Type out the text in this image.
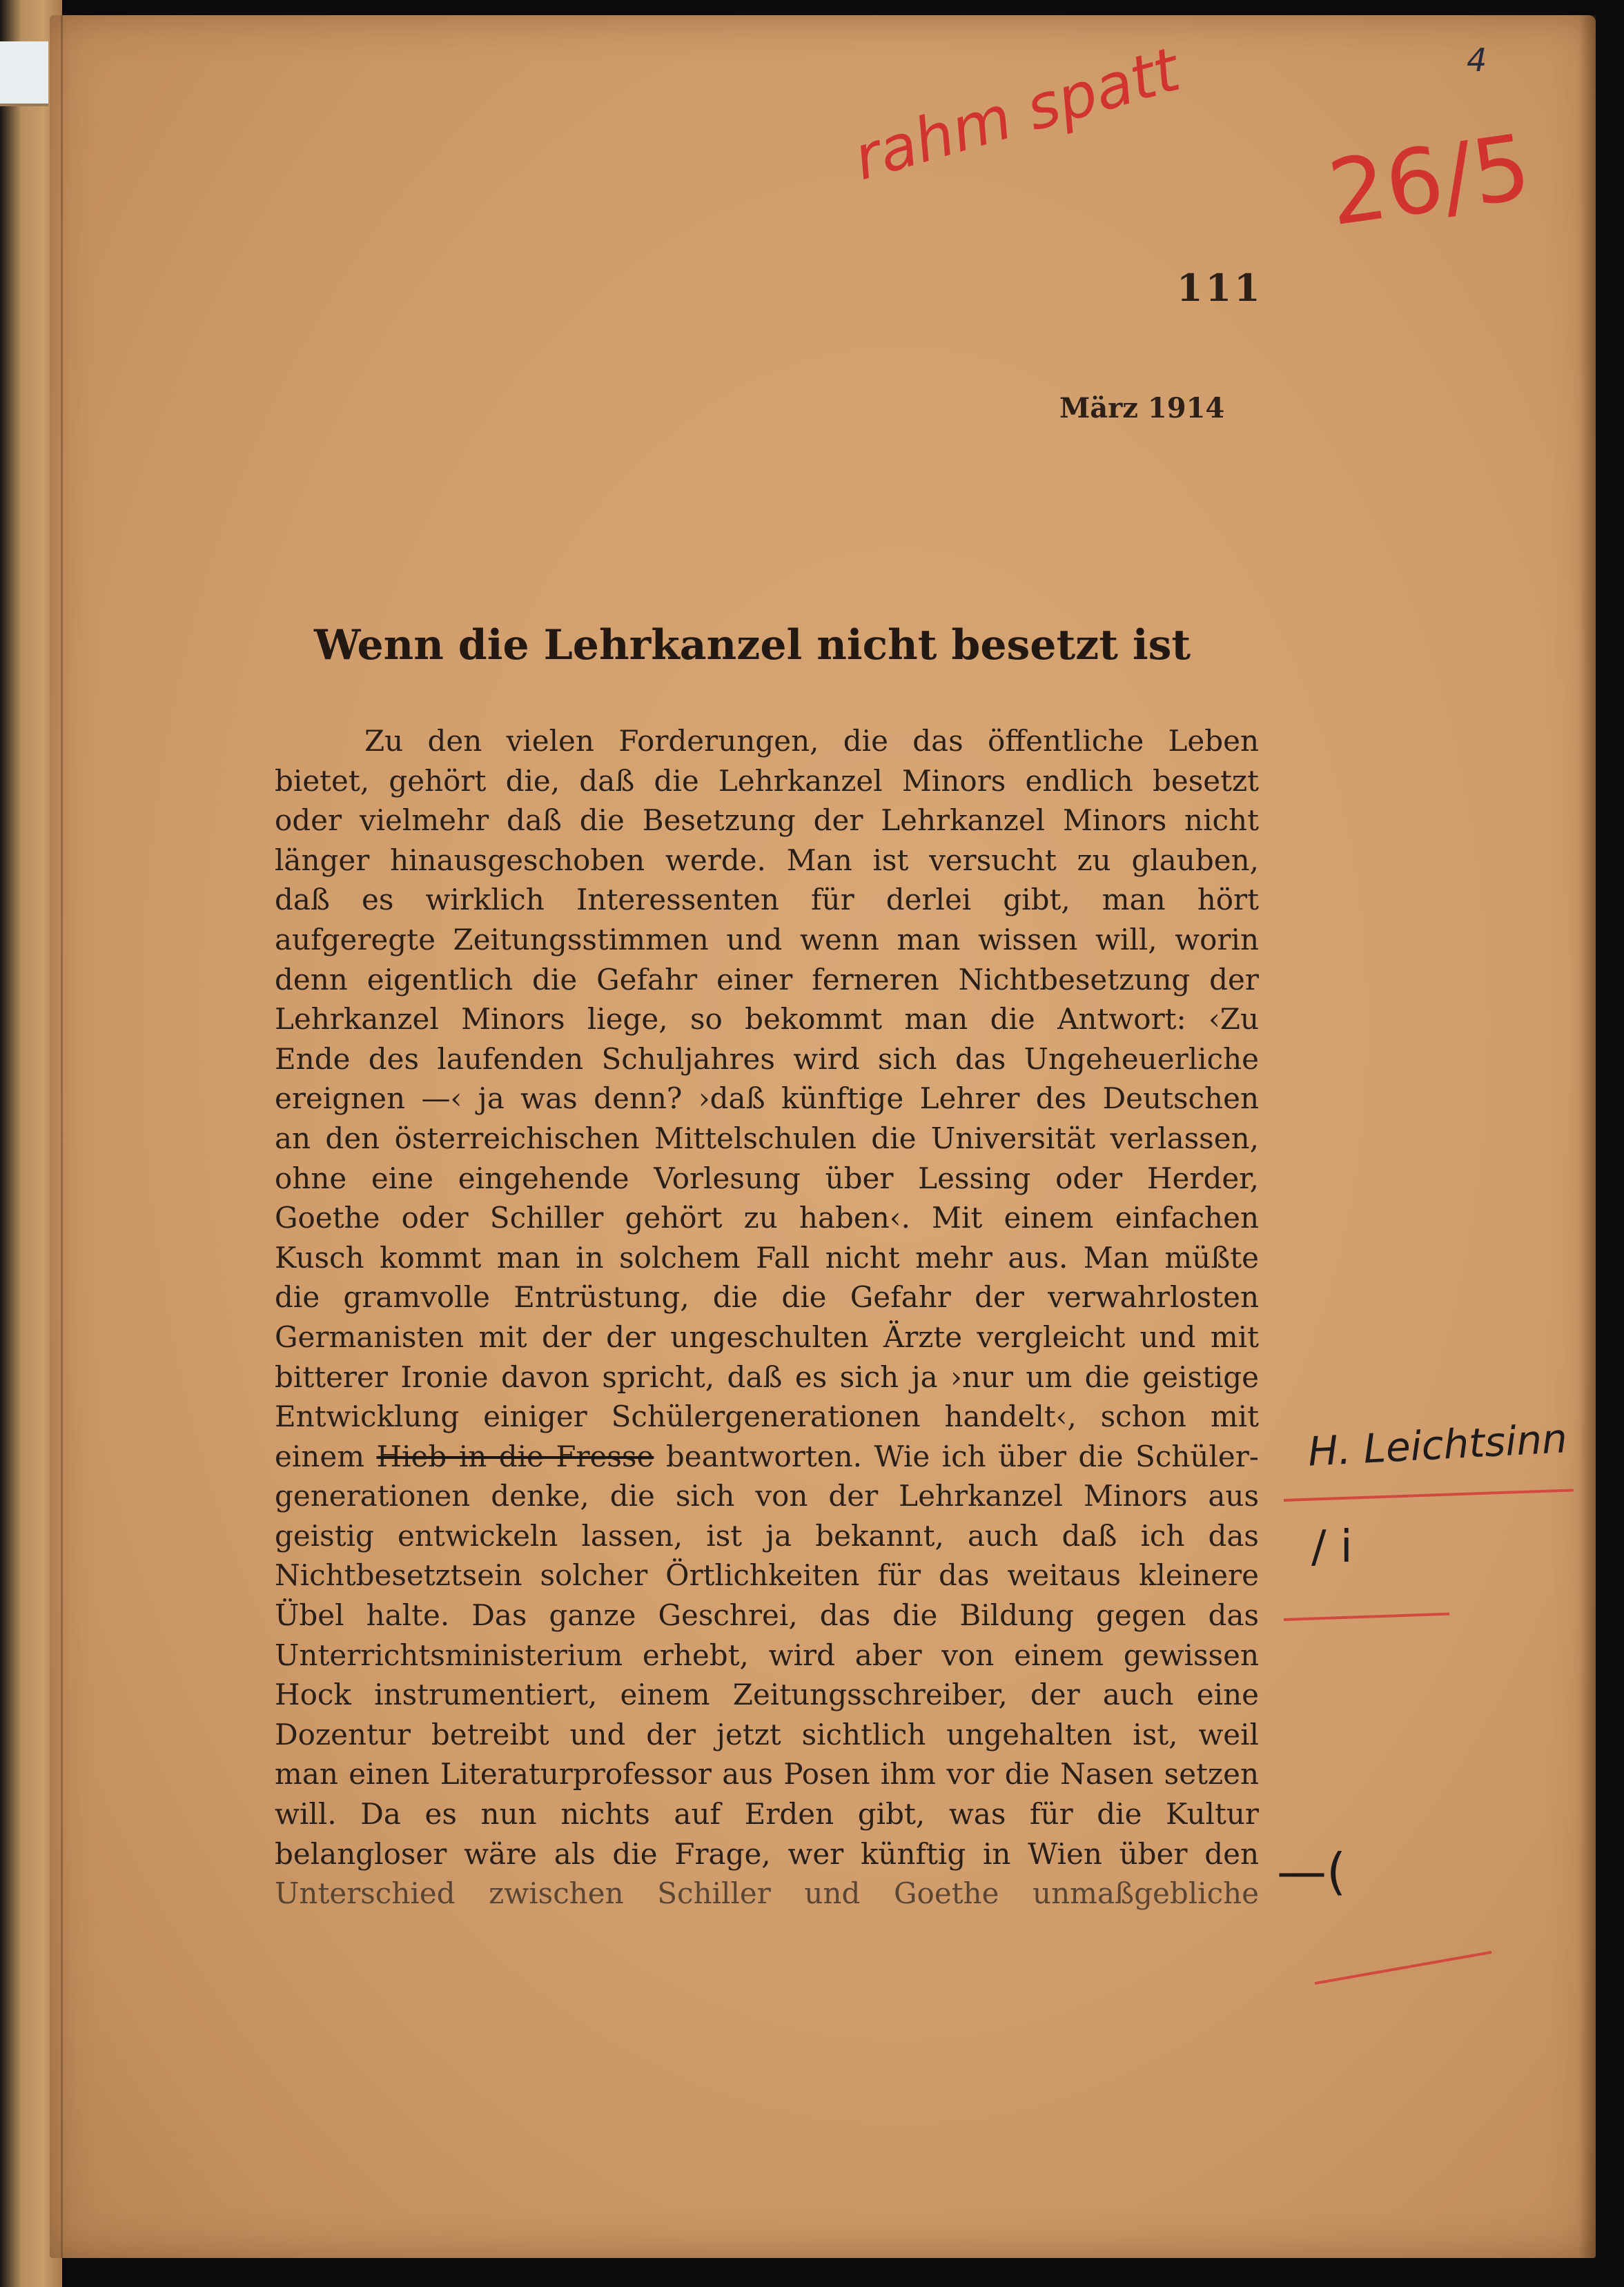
4
rahm spatt 26/5
111
März 1914
Wenn die Lehrkanzel nicht besetzt ist
Zu den vielen Forderungen, die das öffentliche Leben
bietet, gehört die, daß die Lehrkanzel Minors endlich besetzt
oder vielmehr daß die Besetzung der Lehrkanzel Minors nicht
länger hinausgeschoben werde. Man ist versucht zu glauben,
daß es wirklich Interessenten für derlei gibt, man hört
aufgeregte Zeitungsstimmen und wenn man wissen will, worin
denn eigentlich die Gefahr einer ferneren Nichtbesetzung der
Lehrkanzel Minors liege, so bekommt man die Antwort: ‹Zu
Ende des laufenden Schuljahres wird sich das Ungeheuerliche
ereignen —‹ ja was denn? ›daß künftige Lehrer des Deutschen
an den österreichischen Mittelschulen die Universität verlassen,
ohne eine eingehende Vorlesung über Lessing oder Herder,
Goethe oder Schiller gehört zu haben‹. Mit einem einfachen
Kusch kommt man in solchem Fall nicht mehr aus. Man müßte
die gramvolle Entrüstung, die die Gefahr der verwahrlosten
Germanisten mit der der ungeschulten Ärzte vergleicht und mit
bitterer Ironie davon spricht, daß es sich ja ›nur um die geistige
Entwicklung einiger Schülergenerationen handelt‹, schon mit
einem Hieb in die Fresse beantworten. Wie ich über die Schüler-
generationen denke, die sich von der Lehrkanzel Minors aus
geistig entwickeln lassen, ist ja bekannt, auch daß ich das
Nichtbesetztsein solcher Örtlichkeiten für das weitaus kleinere
Übel halte. Das ganze Geschrei, das die Bildung gegen das
Unterrichtsministerium erhebt, wird aber von einem gewissen
Hock instrumentiert, einem Zeitungsschreiber, der auch eine
Dozentur betreibt und der jetzt sichtlich ungehalten ist, weil
man einen Literaturprofessor aus Posen ihm vor die Nasen setzen
will. Da es nun nichts auf Erden gibt, was für die Kultur
belangloser wäre als die Frage, wer künftig in Wien über den
Unterschied zwischen Schiller und Goethe unmaßgebliche
H. Leichtsinn
/ i
—(
